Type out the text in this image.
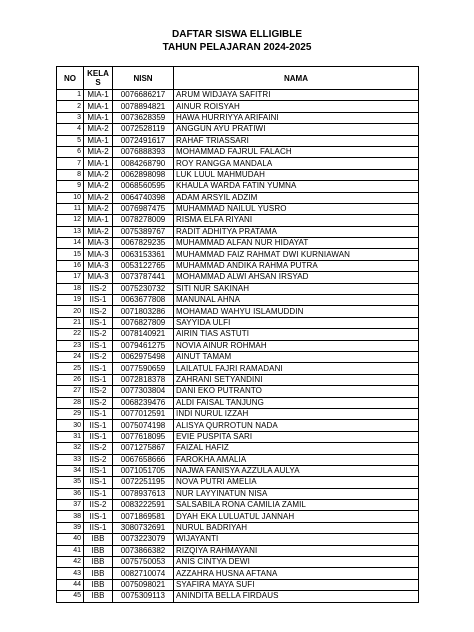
DAFTAR SISWA ELLIGIBLE
TAHUN PELAJARAN 2024-2025
NO	KELA S	NISN	NAMA
1	MIA-1	0076686217	ARUM WIDJAYA SAFITRI
2	MIA-1	0078894821	AINUR ROISYAH
3	MIA-1	0073628359	HAWA HURRIYYA ARIFAINI
4	MIA-2	0072528119	ANGGUN AYU PRATIWI
5	MIA-1	0072491617	RAHAF TRIASSARI
6	MIA-2	0076888393	MOHAMMAD FAJRUL FALACH
7	MIA-1	0084268790	ROY RANGGA MANDALA
8	MIA-2	0062898098	LUK LUUL MAHMUDAH
9	MIA-2	0068560595	KHAULA WARDA FATIN YUMNA
10	MIA-2	0064740398	ADAM ARSYIL ADZIM
11	MIA-2	0076987475	MUHAMMAD NAILUL YUSRO
12	MIA-1	0078278009	RISMA ELFA RIYANI
13	MIA-2	0075389767	RADIT ADHITYA PRATAMA
14	MIA-3	0067829235	MUHAMMAD ALFAN NUR HIDAYAT
15	MIA-3	0063153361	MUHAMMAD FAIZ RAHMAT DWI KURNIAWAN
16	MIA-3	0053122765	MUHAMMAD ANDIKA RAHMA PUTRA
17	MIA-3	0073787441	MOHAMMAD ALWI AHSAN IRSYAD
18	IIS-2	0075230732	SITI NUR SAKINAH
19	IIS-1	0063677808	MANUNAL AHNA
20	IIS-2	0071803286	MOHAMAD WAHYU ISLAMUDDIN
21	IIS-1	0076827809	SAYYIDA ULFI
22	IIS-2	0078140921	AIRIN TIAS ASTUTI
23	IIS-1	0079461275	NOVIA AINUR ROHMAH
24	IIS-2	0062975498	AINUT TAMAM
25	IIS-1	0077590659	LAILATUL FAJRI RAMADANI
26	IIS-1	0072818378	ZAHRANI SETYANDINI
27	IIS-2	0077303804	DANI EKO PUTRANTO
28	IIS-2	0068239476	ALDI FAISAL TANJUNG
29	IIS-1	0077012591	INDI NURUL IZZAH
30	IIS-1	0075074198	ALISYA QURROTUN NADA
31	IIS-1	0077618095	EVIE PUSPITA SARI
32	IIS-2	0071275867	FAIZAL HAFIZ
33	IIS-2	0067658666	FAROKHA AMALIA
34	IIS-1	0071051705	NAJWA FANISYA AZZULA AULYA
35	IIS-1	0072251195	NOVA PUTRI AMELIA
36	IIS-1	0078937613	NUR LAYYINATUN NISA
37	IIS-2	0083222591	SALSABILA RONA CAMILIA ZAMIL
38	IIS-1	0071869581	DYAH EKA LULUATUL JANNAH
39	IIS-1	3080732691	NURUL BADRIYAH
40	IBB	0073223079	WIJAYANTI
41	IBB	0073866382	RIZQIYA RAHMAYANI
42	IBB	0075750053	ANIS CINTYA DEWI
43	IBB	0082710074	AZZAHRA HUSNA AFTANA
44	IBB	0075098021	SYAFIRA MAYA SUFI
45	IBB	0075309113	ANINDITA BELLA FIRDAUS
